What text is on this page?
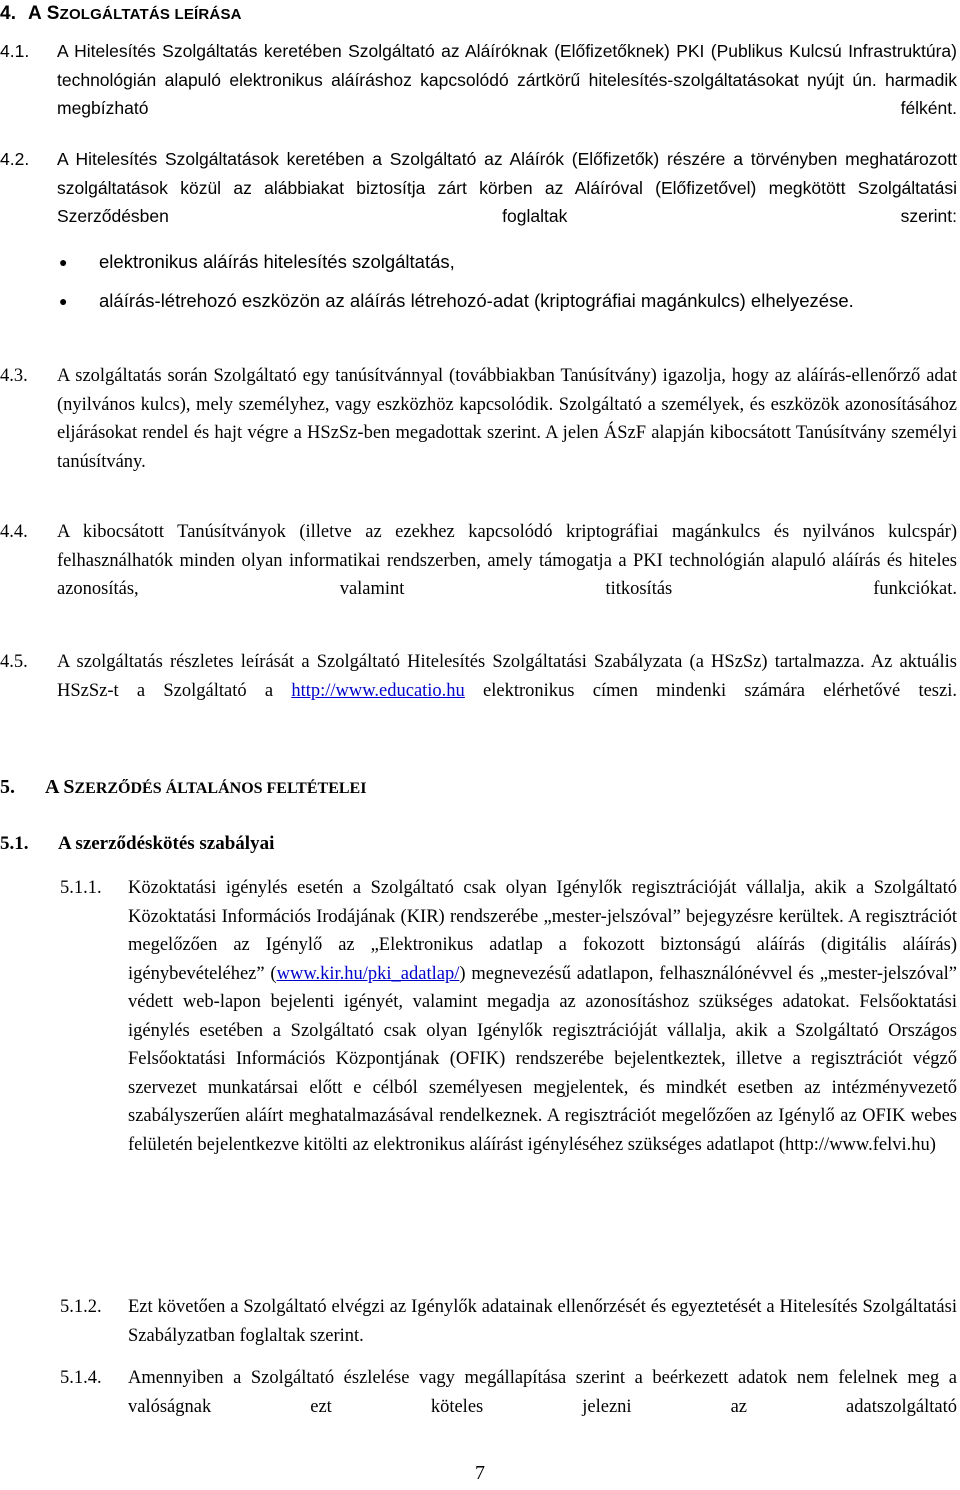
4. A SZOLGÁLTATÁS LEÍRÁSA
4.1.	A Hitelesítés Szolgáltatás keretében Szolgáltató az Aláíróknak (Előfizetőknek) PKI (Publikus Kulcsú Infrastruktúra) technológián alapuló elektronikus aláíráshoz kapcsolódó zártkörű hitelesítés-szolgáltatásokat nyújt ún. harmadik megbízható félként.
4.2.	A Hitelesítés Szolgáltatások keretében a Szolgáltató az Aláírók (Előfizetők) részére a törvényben meghatározott szolgáltatások közül az alábbiakat biztosítja zárt körben az Aláíróval (Előfizetővel) megkötött Szolgáltatási Szerződésben foglaltak szerint:
● elektronikus aláírás hitelesítés szolgáltatás,
● aláírás-létrehozó eszközön az aláírás létrehozó-adat (kriptográfiai magánkulcs) elhelyezése.
4.3.	A szolgáltatás során Szolgáltató egy tanúsítvánnyal (továbbiakban Tanúsítvány) igazolja, hogy az aláírás-ellenőrző adat (nyilvános kulcs), mely személyhez, vagy eszközhöz kapcsolódik. Szolgáltató a személyek, és eszközök azonosításához eljárásokat rendel és hajt végre a HSzSz-ben megadottak szerint. A jelen ÁSzF alapján kibocsátott Tanúsítvány személyi tanúsítvány.
4.4.	A kibocsátott Tanúsítványok (illetve az ezekhez kapcsolódó kriptográfiai magánkulcs és nyilvános kulcspár) felhasználhatók minden olyan informatikai rendszerben, amely támogatja a PKI technológián alapuló aláírás és hiteles azonosítás, valamint titkosítás funkciókat.
4.5.	A szolgáltatás részletes leírását a Szolgáltató Hitelesítés Szolgáltatási Szabályzata (a HSzSz) tartalmazza. Az aktuális HSzSz-t a Szolgáltató a http://www.educatio.hu elektronikus címen mindenki számára elérhetővé teszi.
5. A SZERZŐDÉS ÁLTALÁNOS FELTÉTELEI
5.1. A szerződéskötés szabályai
5.1.1.	Közoktatási igénylés esetén a Szolgáltató csak olyan Igénylők regisztrációját vállalja, akik a Szolgáltató Közoktatási Információs Irodájának (KIR) rendszerébe „mester-jelszóval” bejegyzésre kerültek. A regisztrációt megelőzően az Igénylő az „Elektronikus adatlap a fokozott biztonságú aláírás (digitális aláírás) igénybevételéhez” (www.kir.hu/pki_adatlap/) megnevezésű adatlapon, felhasználónévvel és „mester-jelszóval” védett web-lapon bejelenti igényét, valamint megadja az azonosításhoz szükséges adatokat. Felsőoktatási igénylés esetében a Szolgáltató csak olyan Igénylők regisztrációját vállalja, akik a Szolgáltató Országos Felsőoktatási Információs Központjának (OFIK) rendszerébe bejelentkeztek, illetve a regisztrációt végző szervezet munkatársai előtt e célból személyesen megjelentek, és mindkét esetben az intézményvezető szabályszerűen aláírt meghatalmazásával rendelkeznek. A regisztrációt megelőzően az Igénylő az OFIK webes felületén bejelentkezve kitölti az elektronikus aláírást igényléséhez szükséges adatlapot (http://www.felvi.hu)
5.1.2.	Ezt követően a Szolgáltató elvégzi az Igénylők adatainak ellenőrzését és egyeztetését a Hitelesítés Szolgáltatási Szabályzatban foglaltak szerint.
5.1.4.	Amennyiben a Szolgáltató észlelése vagy megállapítása szerint a beérkezett adatok nem felelnek meg a valóságnak ezt köteles jelezni az adatszolgáltató
7
